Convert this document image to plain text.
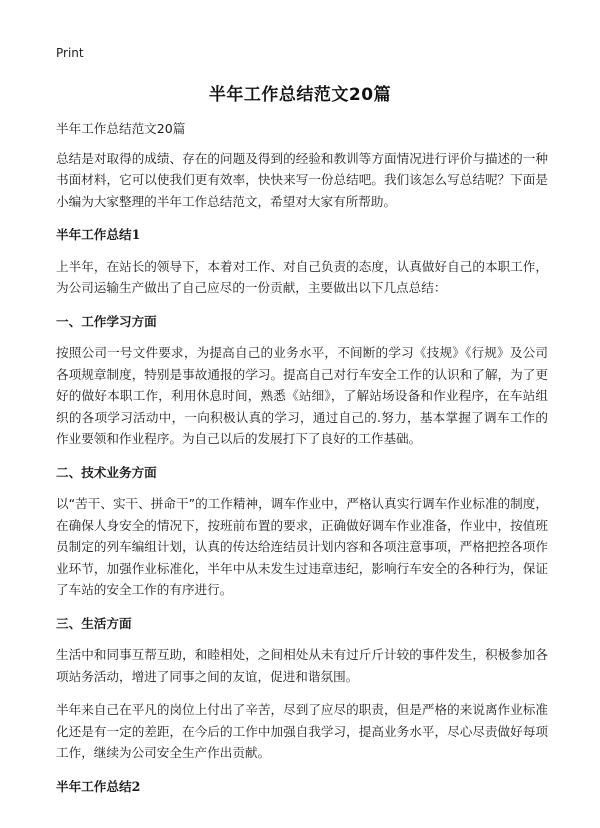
Print
半年工作总结范文20篇

半年工作总结范文20篇

总结是对取得的成绩、存在的问题及得到的经验和教训等方面情况进行评价与描述的一种书面材料，它可以使我们更有效率，快快来写一份总结吧。我们该怎么写总结呢？下面是小编为大家整理的半年工作总结范文，希望对大家有所帮助。

半年工作总结1

上半年，在站长的领导下，本着对工作、对自己负责的态度，认真做好自己的本职工作，为公司运输生产做出了自己应尽的一份贡献，主要做出以下几点总结：

一、工作学习方面

按照公司一号文件要求，为提高自己的业务水平，不间断的学习《技规》《行规》及公司各项规章制度，特别是事故通报的学习。提高自己对行车安全工作的认识和了解，为了更好的做好本职工作，利用休息时间，熟悉《站细》，了解站场设备和作业程序，在车站组织的各项学习活动中，一向积极认真的学习，通过自己的.努力，基本掌握了调车工作的作业要领和作业程序。为自己以后的发展打下了良好的工作基础。

二、技术业务方面

以“苦干、实干、拼命干”的工作精神，调车作业中，严格认真实行调车作业标准的制度，在确保人身安全的情况下，按班前布置的要求，正确做好调车作业准备，作业中，按值班员制定的列车编组计划，认真的传达给连结员计划内容和各项注意事项，严格把控各项作业环节，加强作业标准化，半年中从未发生过违章违纪，影响行车安全的各种行为，保证了车站的安全工作的有序进行。

三、生活方面

生活中和同事互帮互助，和睦相处，之间相处从未有过斤斤计较的事件发生，积极参加各项站务活动，增进了同事之间的友谊，促进和谐氛围。

半年来自己在平凡的岗位上付出了辛苦，尽到了应尽的职责，但是严格的来说离作业标准化还是有一定的差距，在今后的工作中加强自我学习，提高业务水平，尽心尽责做好每项工作，继续为公司安全生产作出贡献。

半年工作总结2
